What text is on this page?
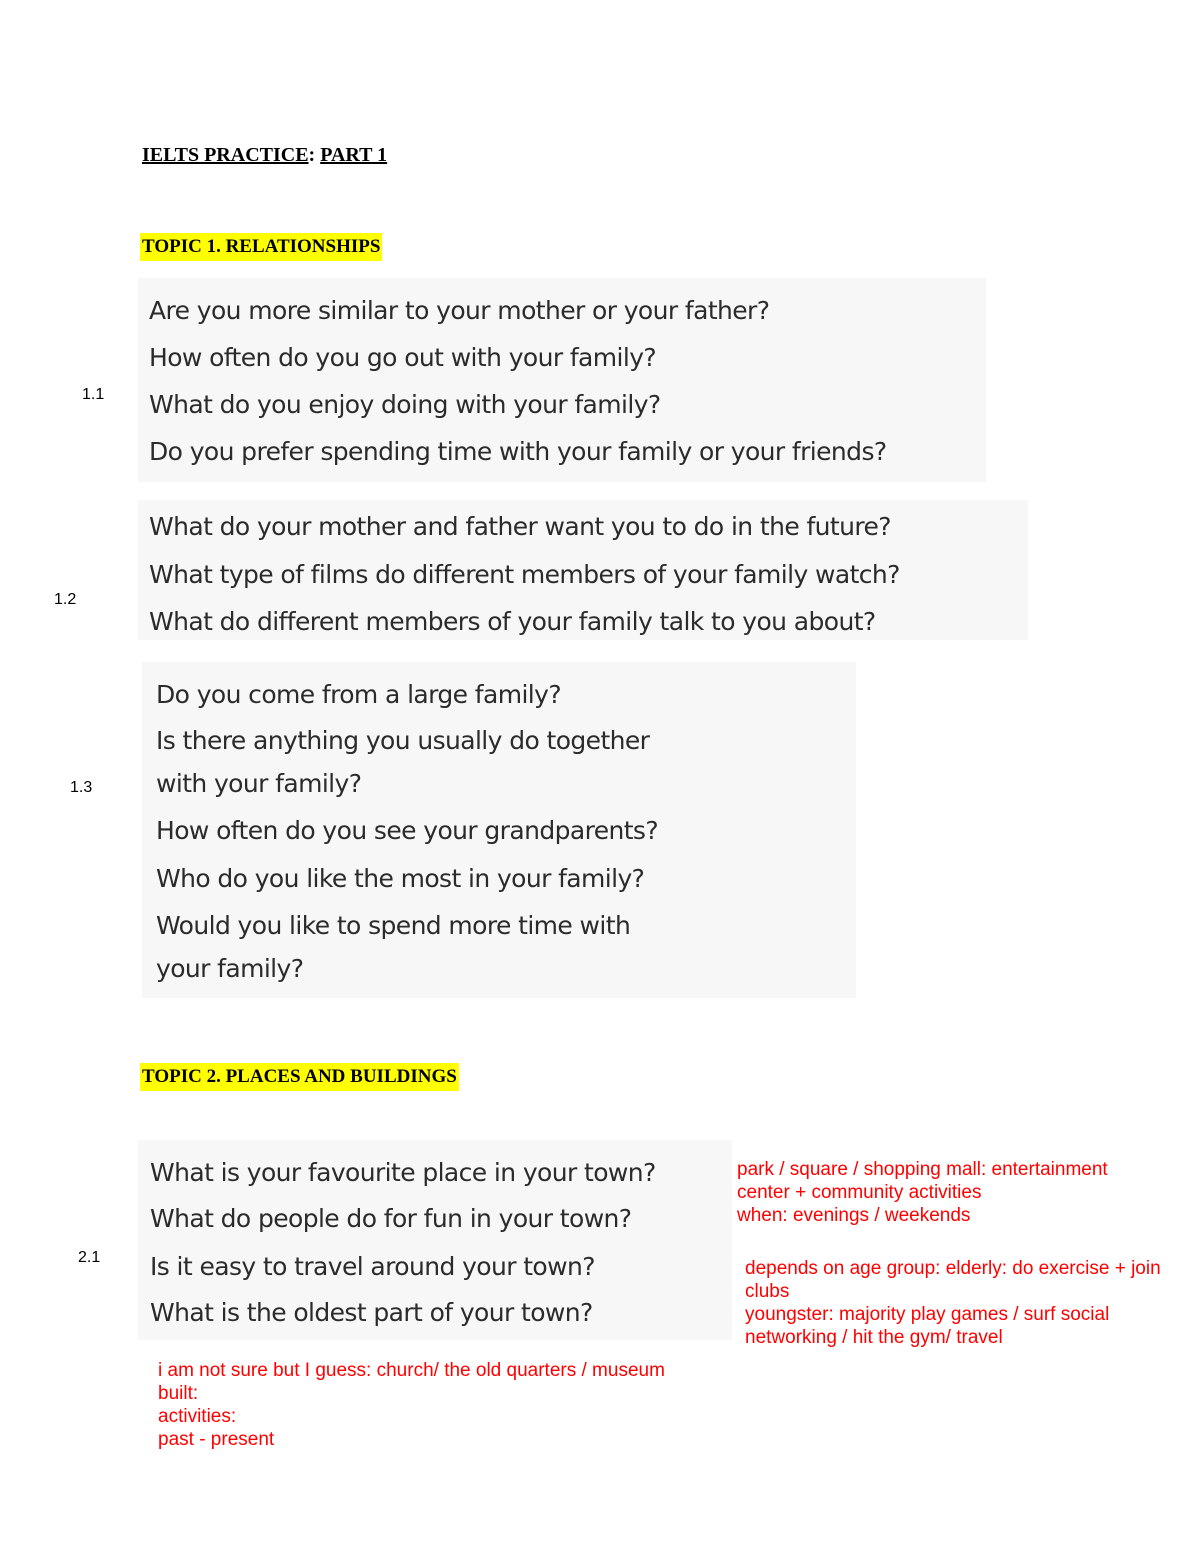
IELTS PRACTICE: PART 1
TOPIC 1. RELATIONSHIPS
1.1
Are you more similar to your mother or your father?
How often do you go out with your family?
What do you enjoy doing with your family?
Do you prefer spending time with your family or your friends?
1.2
What do your mother and father want you to do in the future?
What type of films do different members of your family watch?
What do different members of your family talk to you about?
1.3
Do you come from a large family?
Is there anything you usually do together
with your family?
How often do you see your grandparents?
Who do you like the most in your family?
Would you like to spend more time with
your family?
TOPIC 2. PLACES AND BUILDINGS
2.1
What is your favourite place in your town?
What do people do for fun in your town?
Is it easy to travel around your town?
What is the oldest part of your town?
park / square / shopping mall: entertainment
center + community activities
when: evenings / weekends
depends on age group: elderly: do exercise + join
clubs
youngster: majority play games / surf social
networking / hit the gym/ travel
i am not sure but I guess: church/ the old quarters / museum
built:
activities:
past - present
